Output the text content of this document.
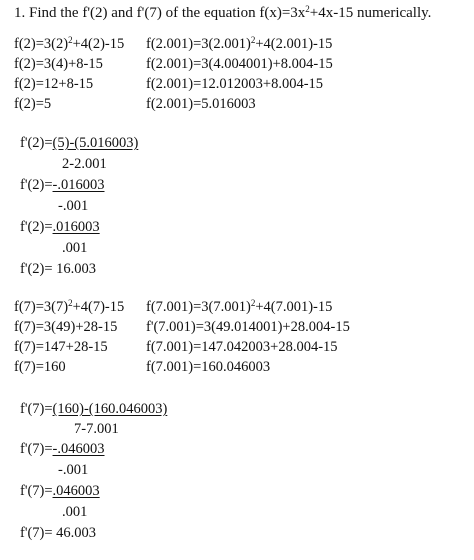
1. Find the f'(2) and f'(7) of the equation $f(x)=3x^2+4x-15$ numerically.
$f(2)=3(2)^2+4(2)-15$
f(2)=3(4)+8-15
f(2)=12+8-15
f(2)=5
$f(2.001)=3(2.001)^2+4(2.001)-15$
f(2.001)=3(4.004001)+8.004-15
f(2.001)=12.012003+8.004-15
f(2.001)=5.016003
f'(2)=(5)-(5.016003)
2-2.001
f'(2)=-.016003
-.001
f'(2)=.016003
.001
f'(2)= 16.003
$f(7)=3(7)^2+4(7)-15$
f(7)=3(49)+28-15
f(7)=147+28-15
f(7)=160
$f(7.001)=3(7.001)^2+4(7.001)-15$
f'(7.001)=3(49.014001)+28.004-15
f(7.001)=147.042003+28.004-15
f(7.001)=160.046003
f'(7)=(160)-(160.046003)
7-7.001
f'(7)=-.046003
-.001
f'(7)=.046003
.001
f'(7)= 46.003
